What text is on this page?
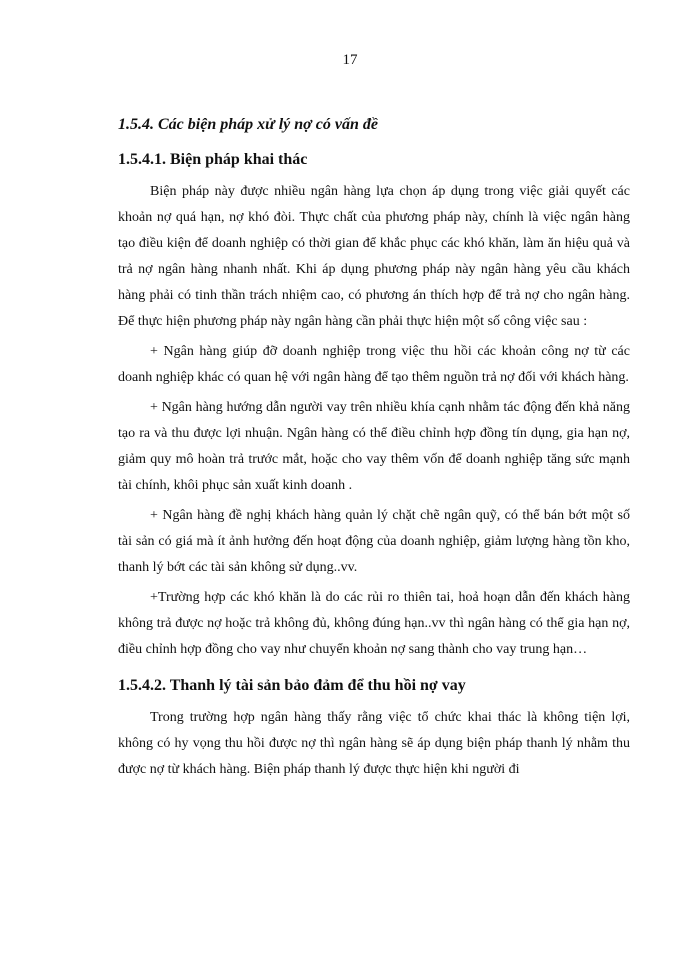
17
1.5.4. Các biện pháp xử lý nợ có vấn đề
1.5.4.1. Biện pháp khai thác

Biện pháp này được nhiều ngân hàng lựa chọn áp dụng trong việc giải quyết các khoản nợ quá hạn, nợ khó đòi. Thực chất của phương pháp này, chính là việc ngân hàng tạo điều kiện để doanh nghiệp có thời gian để khắc phục các khó khăn, làm ăn hiệu quả và trả nợ ngân hàng nhanh nhất. Khi áp dụng phương pháp này ngân hàng yêu cầu khách hàng phải có tinh thần trách nhiệm cao, có phương án thích hợp để trả nợ cho ngân hàng. Để thực hiện phương pháp này ngân hàng cần phải thực hiện một số công việc sau :

+ Ngân hàng giúp đỡ doanh nghiệp trong việc thu hồi các khoản công nợ từ các doanh nghiệp khác có quan hệ với ngân hàng để tạo thêm nguồn trả nợ đối với khách hàng.

+ Ngân hàng hướng dẫn người vay trên nhiều khía cạnh nhằm tác động đến khả năng tạo ra và thu được lợi nhuận. Ngân hàng có thể điều chỉnh hợp đồng tín dụng, gia hạn nợ, giảm quy mô hoàn trả trước mắt, hoặc cho vay thêm vốn để doanh nghiệp tăng sức mạnh tài chính, khôi phục sản xuất kinh doanh .

+ Ngân hàng đề nghị khách hàng quản lý chặt chẽ ngân quỹ, có thể bán bớt một số tài sản có giá mà ít ảnh hưởng đến hoạt động của doanh nghiệp, giảm lượng hàng tồn kho, thanh lý bớt các tài sản không sử dụng..vv.

+Trường hợp các khó khăn là do các rủi ro thiên tai, hoả hoạn dẫn đến khách hàng không trả được nợ hoặc trả không đủ, không đúng hạn..vv thì ngân hàng có thể gia hạn nợ, điều chỉnh hợp đồng cho vay như chuyển khoản nợ sang thành cho vay trung hạn…

1.5.4.2. Thanh lý tài sản bảo đảm để thu hồi nợ vay

Trong trường hợp ngân hàng thấy rằng việc tổ chức khai thác là không tiện lợi, không có hy vọng thu hồi được nợ thì ngân hàng sẽ áp dụng biện pháp thanh lý nhằm thu được nợ từ khách hàng. Biện pháp thanh lý được thực hiện khi người đi
